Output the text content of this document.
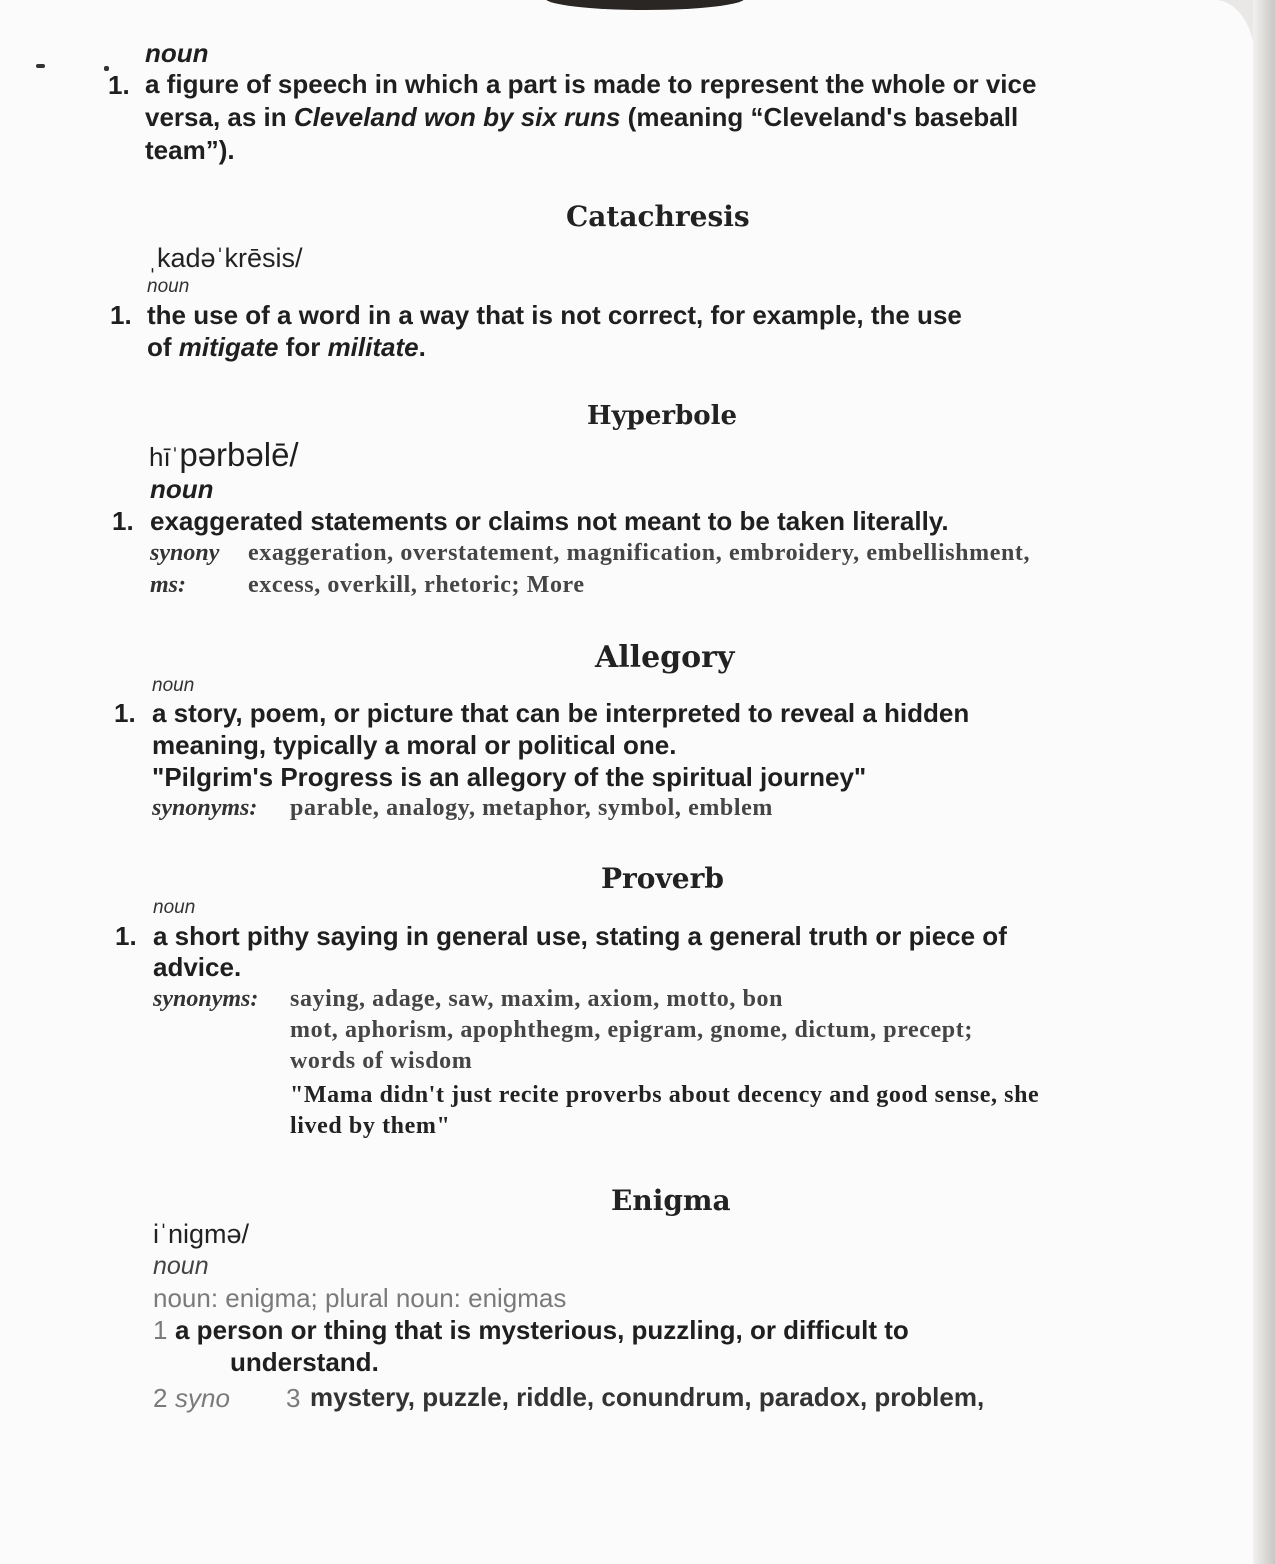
noun
1. a figure of speech in which a part is made to represent the whole or vice
versa, as in Cleveland won by six runs (meaning “Cleveland's baseball
team”).
Catachresis
ˌkadəˈkrēsis/
noun
1. the use of a word in a way that is not correct, for example, the use
of mitigate for militate.
Hyperbole
hīˈpərbəlē/
noun
1. exaggerated statements or claims not meant to be taken literally.
synony exaggeration, overstatement, magnification, embroidery, embellishment,
ms:	excess, overkill, rhetoric; More
Allegory
noun
1. a story, poem, or picture that can be interpreted to reveal a hidden
meaning, typically a moral or political one.
"Pilgrim's Progress is an allegory of the spiritual journey"
synonyms: parable, analogy, metaphor, symbol, emblem
Proverb
noun
1. a short pithy saying in general use, stating a general truth or piece of
advice.
synonyms: saying, adage, saw, maxim, axiom, motto, bon
mot, aphorism, apophthegm, epigram, gnome, dictum, precept;
words of wisdom
"Mama didn't just recite proverbs about decency and good sense, she
lived by them"
Enigma
iˈnigmə/
noun
noun: enigma; plural noun: enigmas
1 a person or thing that is mysterious, puzzling, or difficult to
understand.
2 syno 3 mystery, puzzle, riddle, conundrum, paradox, problem,
